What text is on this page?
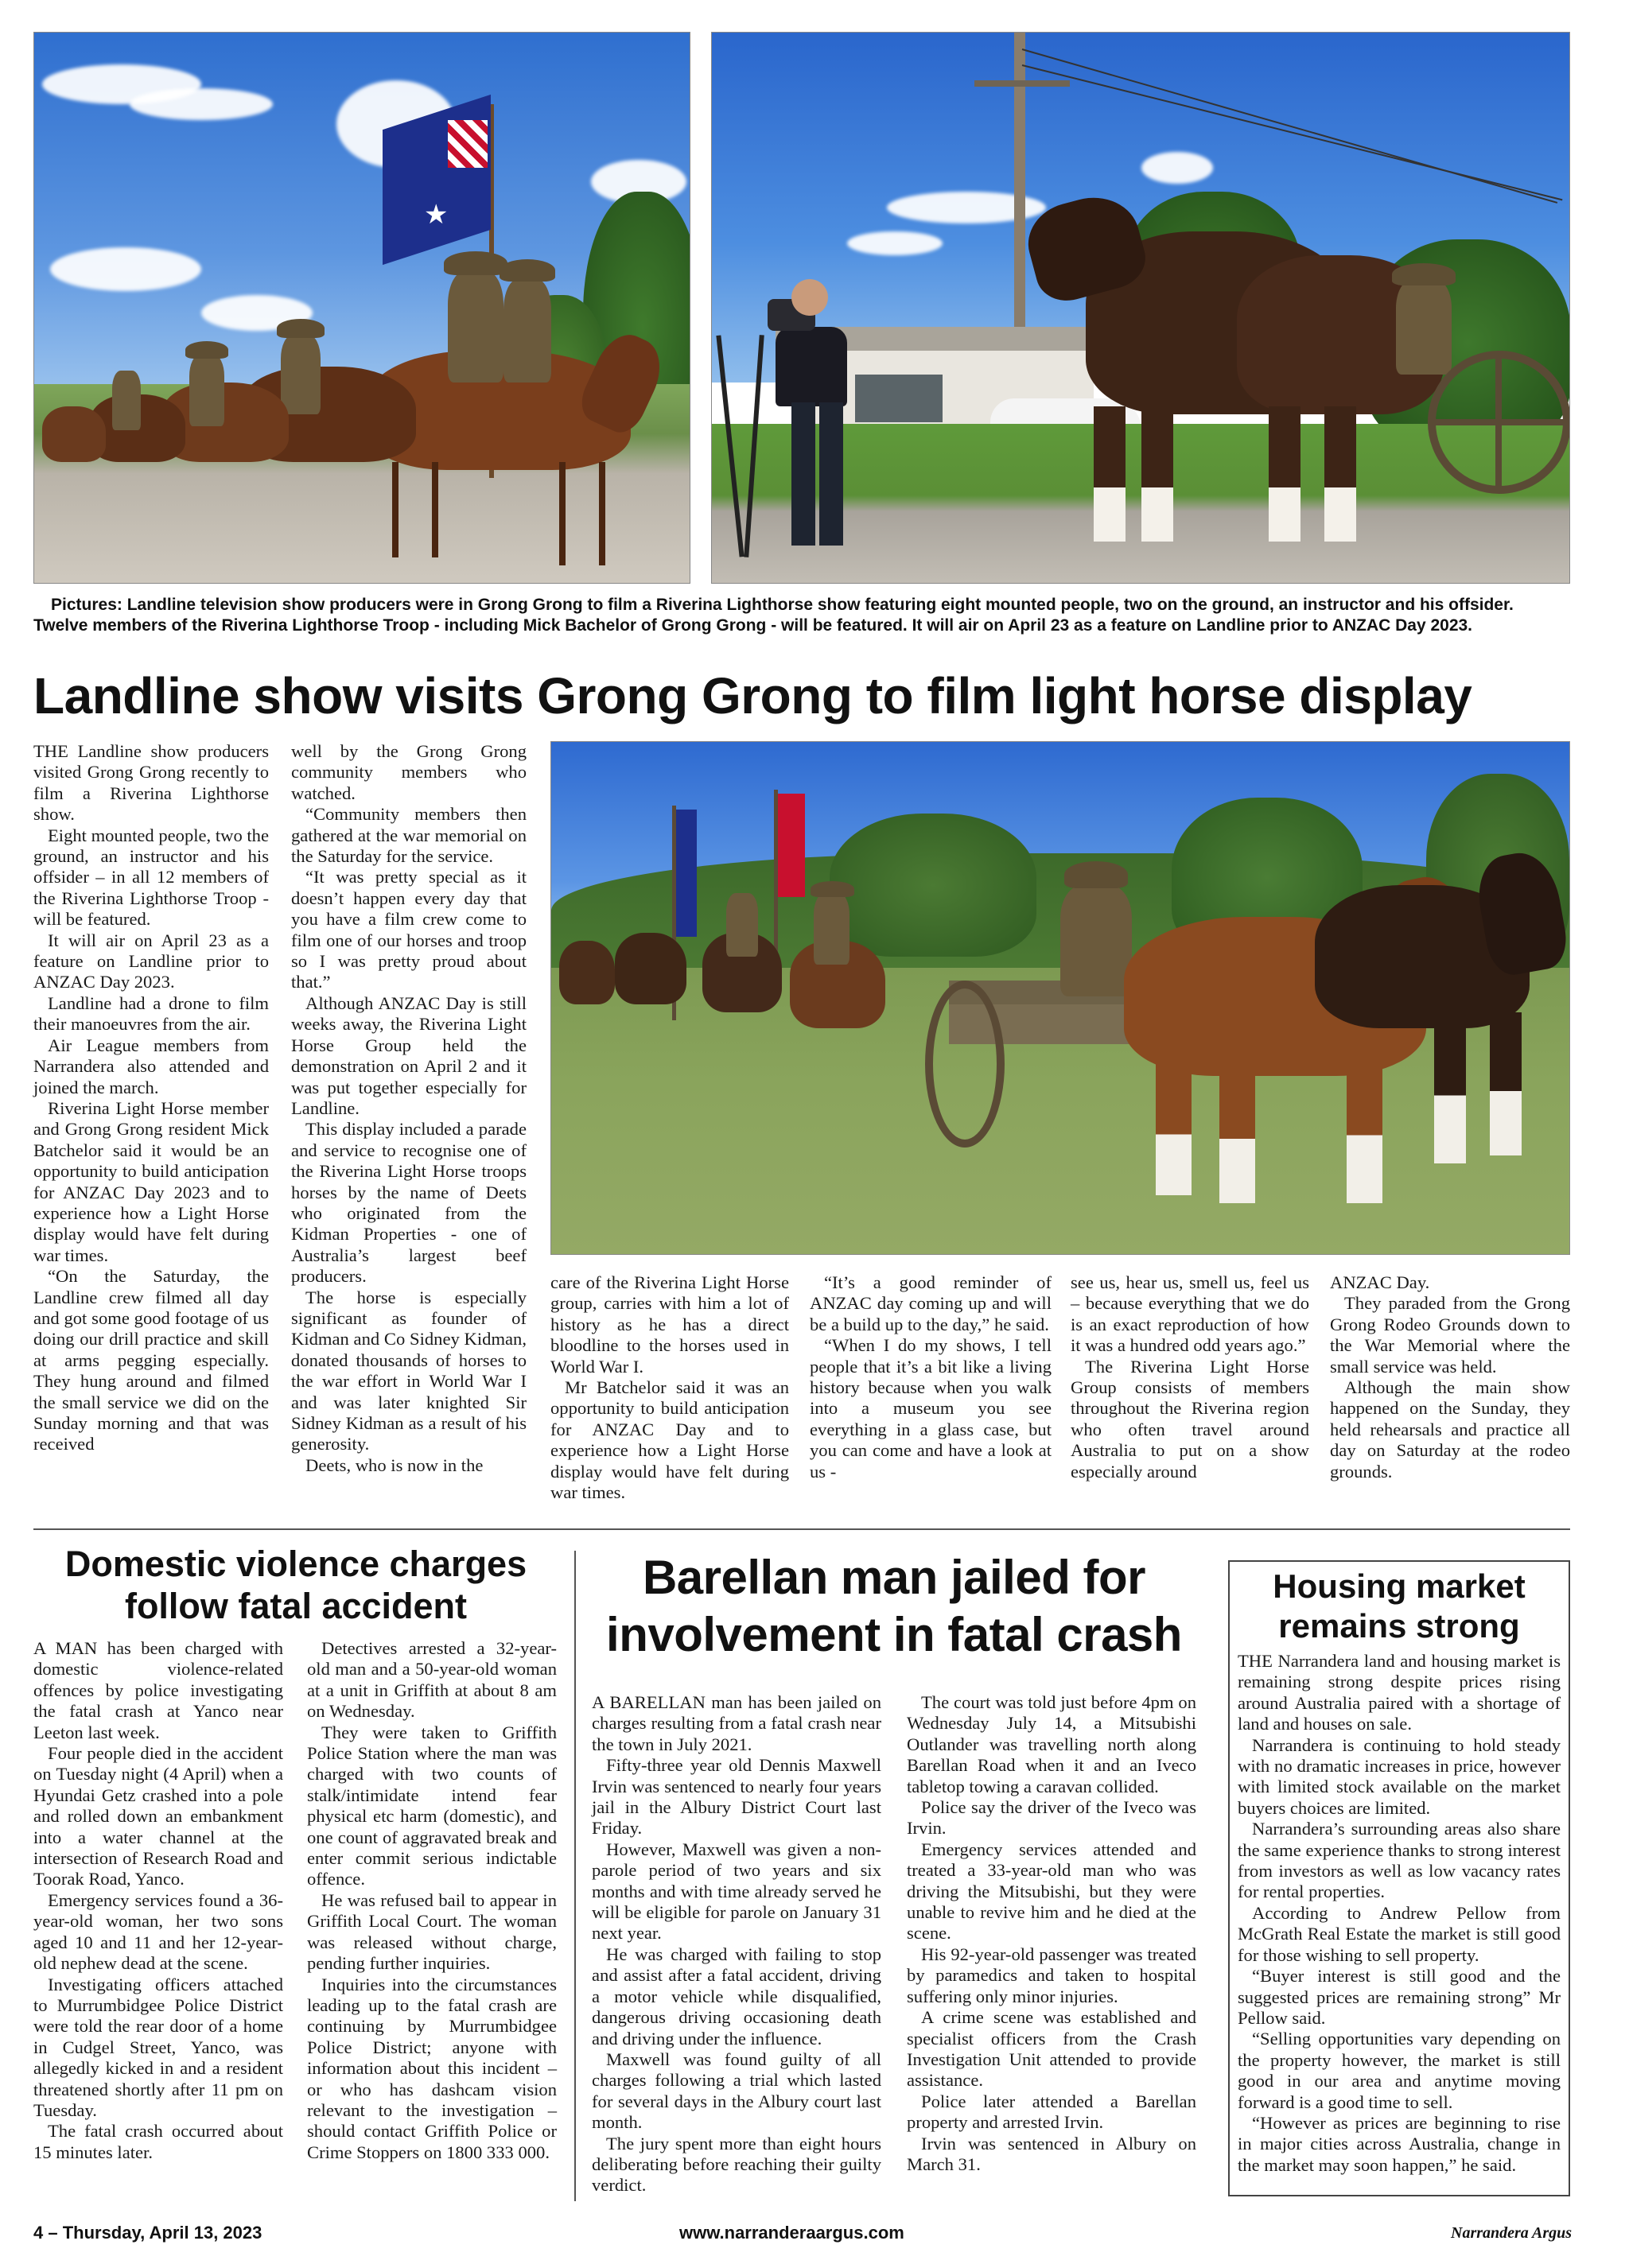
★
Pictures: Landline television show producers were in Grong Grong to film a Riverina Lighthorse show featuring eight mounted people, two on the ground, an instructor and his offsider. Twelve members of the Riverina Lighthorse Troop - including Mick Bachelor of Grong Grong - will be featured. It will air on April 23 as a feature on Landline prior to ANZAC Day 2023.
Landline show visits Grong Grong to film light horse display

THE Landline show producers visited Grong Grong recently to film a Riverina Lighthorse show.

Eight mounted people, two the ground, an instructor and his offsider – in all 12 members of the Riverina Lighthorse Troop - will be featured.

It will air on April 23 as a feature on Landline prior to ANZAC Day 2023.

Landline had a drone to film their manoeuvres from the air.

Air League members from Narrandera also attended and joined the march.

Riverina Light Horse member and Grong Grong resident Mick Batchelor said it would be an opportunity to build anticipation for ANZAC Day 2023 and to experience how a Light Horse display would have felt during war times.

“On the Saturday, the Landline crew filmed all day and got some good footage of us doing our drill practice and skill at arms pegging especially. They hung around and filmed the small service we did on the Sunday morning and that was received

well by the Grong Grong community members who watched.

“Community members then gathered at the war memorial on the Saturday for the service.

“It was pretty special as it doesn’t happen every day that you have a film crew come to film one of our horses and troop so I was pretty proud about that.”

Although ANZAC Day is still weeks away, the Riverina Light Horse Group held the demonstration on April 2 and it was put together especially for Landline.

This display included a parade and service to recognise one of the Riverina Light Horse troops horses by the name of Deets who originated from the Kidman Properties - one of Australia’s largest beef producers.

The horse is especially significant as founder of Kidman and Co Sidney Kidman, donated thousands of horses to the war effort in World War I and was later knighted Sir Sidney Kidman as a result of his generosity.

Deets, who is now in the

care of the Riverina Light Horse group, carries with him a lot of history as he has a direct bloodline to the horses used in World War I.

Mr Batchelor said it was an opportunity to build anticipation for ANZAC Day and to experience how a Light Horse display would have felt during war times.

“It’s a good reminder of ANZAC day coming up and will be a build up to the day,” he said.

“When I do my shows, I tell people that it’s a bit like a living history because when you walk into a museum you see everything in a glass case, but you can come and have a look at us -

see us, hear us, smell us, feel us – because everything that we do is an exact reproduction of how it was a hundred odd years ago.”

The Riverina Light Horse Group consists of members throughout the Riverina region who often travel around Australia to put on a show especially around

ANZAC Day.

They paraded from the Grong Grong Rodeo Grounds down to the War Memorial where the small service was held.

Although the main show happened on the Sunday, they held rehearsals and practice all day on Saturday at the rodeo grounds.

Domestic violence charges follow fatal accident

A MAN has been charged with domestic violence-related offences by police investigating the fatal crash at Yanco near Leeton last week.

Four people died in the accident on Tuesday night (4 April) when a Hyundai Getz crashed into a pole and rolled down an embankment into a water channel at the intersection of Research Road and Toorak Road, Yanco.

Emergency services found a 36-year-old woman, her two sons aged 10 and 11 and her 12-year-old nephew dead at the scene.

Investigating officers attached to Murrumbidgee Police District were told the rear door of a home in Cudgel Street, Yanco, was allegedly kicked in and a resident threatened shortly after 11 pm on Tuesday.

The fatal crash occurred about 15 minutes later.

Detectives arrested a 32-year-old man and a 50-year-old woman at a unit in Griffith at about 8 am on Wednesday.

They were taken to Griffith Police Station where the man was charged with two counts of stalk/intimidate intend fear physical etc harm (domestic), and one count of aggravated break and enter commit serious indictable offence.

He was refused bail to appear in Griffith Local Court. The woman was released without charge, pending further inquiries.

Inquiries into the circumstances leading up to the fatal crash are continuing by Murrumbidgee Police District; anyone with information about this incident – or who has dashcam vision relevant to the investigation – should contact Griffith Police or Crime Stoppers on 1800 333 000.

Barellan man jailed for involvement in fatal crash

A BARELLAN man has been jailed on charges resulting from a fatal crash near the town in July 2021.

Fifty-three year old Dennis Maxwell Irvin was sentenced to nearly four years jail in the Albury District Court last Friday.

However, Maxwell was given a non-parole period of two years and six months and with time already served he will be eligible for parole on January 31 next year.

He was charged with failing to stop and assist after a fatal accident, driving a motor vehicle while disqualified, dangerous driving occasioning death and driving under the influence.

Maxwell was found guilty of all charges following a trial which lasted for several days in the Albury court last month.

The jury spent more than eight hours deliberating before reaching their guilty verdict.

The court was told just before 4pm on Wednesday July 14, a Mitsubishi Outlander was travelling north along Barellan Road when it and an Iveco tabletop towing a caravan collided.

Police say the driver of the Iveco was Irvin.

Emergency services attended and treated a 33-year-old man who was driving the Mitsubishi, but they were unable to revive him and he died at the scene.

His 92-year-old passenger was treated by paramedics and taken to hospital suffering only minor injuries.

A crime scene was established and specialist officers from the Crash Investigation Unit attended to provide assistance.

Police later attended a Barellan property and arrested Irvin.

Irvin was sentenced in Albury on March 31.

Housing market remains strong

THE Narrandera land and housing market is remaining strong despite prices rising around Australia paired with a shortage of land and houses on sale.

Narrandera is continuing to hold steady with no dramatic increases in price, however with limited stock available on the market buyers choices are limited.

Narrandera’s surrounding areas also share the same experience thanks to strong interest from investors as well as low vacancy rates for rental properties.

According to Andrew Pellow from McGrath Real Estate the market is still good for those wishing to sell property.

“Buyer interest is still good and the suggested prices are remaining strong” Mr Pellow said.

“Selling opportunities vary depending on the property however, the market is still good in our area and anytime moving forward is a good time to sell.

“However as prices are beginning to rise in major cities across Australia, change in the market may soon happen,” he said.

4 – Thursday, April 13, 2023	www.narranderaargus.com	Narrandera Argus
